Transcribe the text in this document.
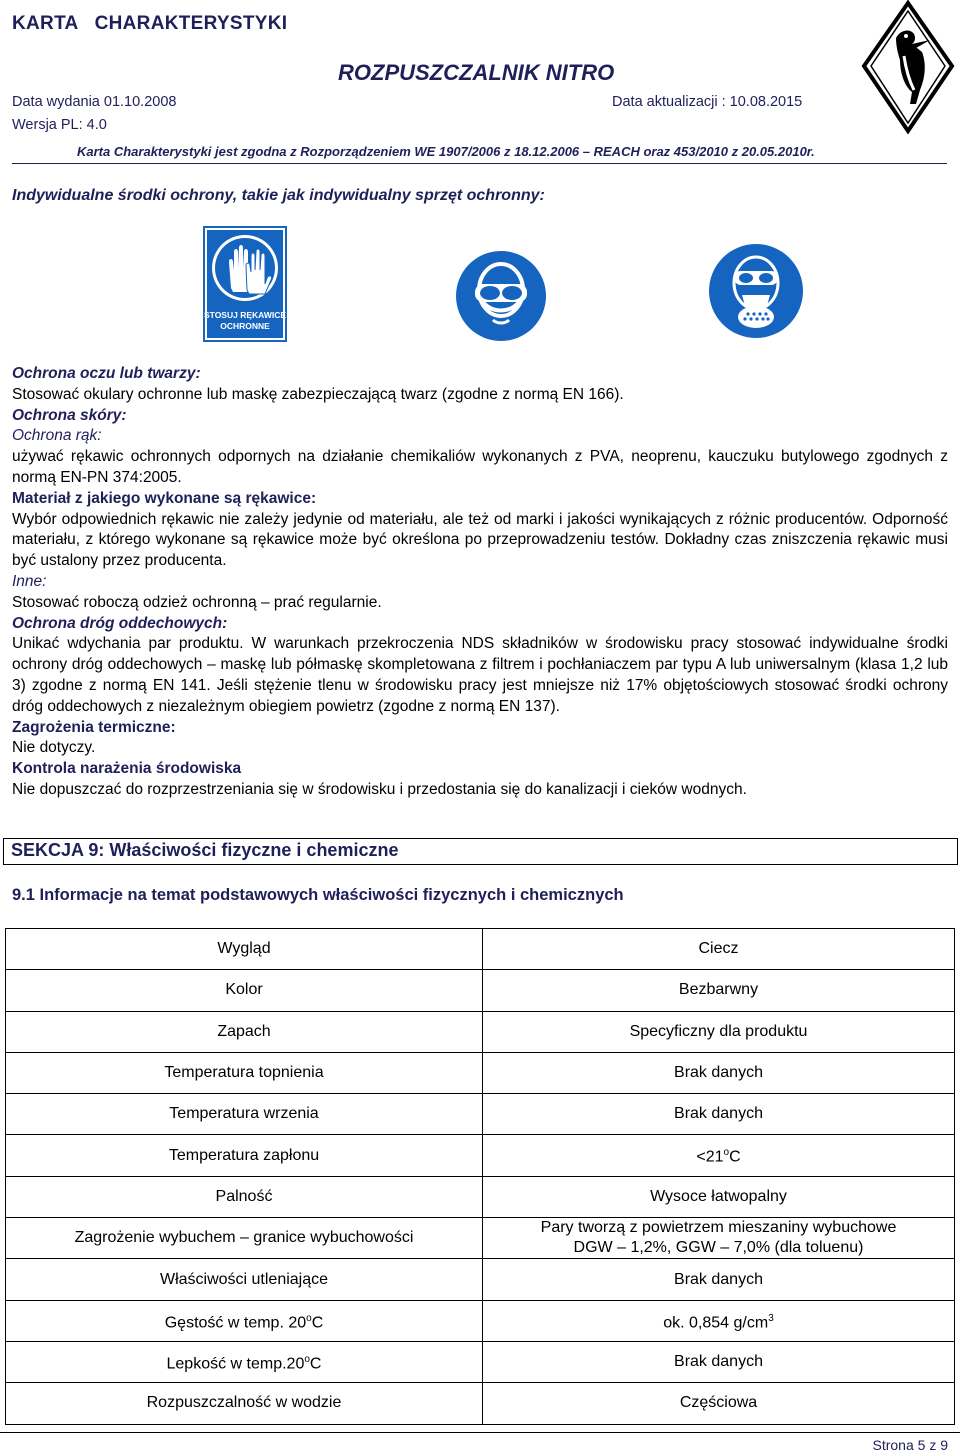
KARTA   CHARAKTERYSTYKI
ROZPUSZCZALNIK NITRO
Data wydania 01.10.2008	Data aktualizacji : 10.08.2015
Wersja PL: 4.0
Karta Charakterystyki jest zgodna z Rozporządzeniem WE 1907/2006 z 18.12.2006 – REACH oraz 453/2010 z 20.05.2010r.
Indywidualne środki ochrony, takie jak indywidualny sprzęt ochronny:
STOSUJ RĘKAWICE
OCHRONNE

Ochrona oczu lub twarzy:

Stosować okulary ochronne lub maskę zabezpieczającą twarz (zgodne z normą EN 166).

Ochrona skóry:

Ochrona rąk:

używać rękawic ochronnych odpornych na działanie chemikaliów wykonanych z PVA, neoprenu, kauczuku butylowego zgodnych z normą EN-PN 374:2005.

Materiał z jakiego wykonane są rękawice:

Wybór odpowiednich rękawic nie zależy jedynie od materiału, ale też od marki i jakości wynikających z różnic producentów. Odporność materiału, z którego wykonane są rękawice może być określona po przeprowadzeniu testów. Dokładny czas zniszczenia rękawic musi być ustalony przez producenta.

Inne:

Stosować roboczą odzież ochronną – prać regularnie.

Ochrona dróg oddechowych:

Unikać wdychania par produktu. W warunkach przekroczenia NDS składników w środowisku pracy stosować indywidualne środki ochrony dróg oddechowych – maskę lub półmaskę skompletowana z filtrem i pochłaniaczem par typu A lub uniwersalnym (klasa 1,2 lub 3) zgodne z normą EN 141. Jeśli stężenie tlenu w środowisku pracy jest mniejsze niż 17% objętościowych stosować środki ochrony dróg oddechowych z niezależnym obiegiem powietrz (zgodne z normą EN 137).

Zagrożenia termiczne:

Nie dotyczy.

Kontrola narażenia środowiska

Nie dopuszczać do rozprzestrzeniania się w środowisku i przedostania się do kanalizacji i cieków wodnych.

SEKCJA 9: Właściwości fizyczne i chemiczne
9.1 Informacje na temat podstawowych właściwości fizycznych i chemicznych
Wygląd	Ciecz
Kolor	Bezbarwny
Zapach	Specyficzny dla produktu
Temperatura topnienia	Brak danych
Temperatura wrzenia	Brak danych
Temperatura zapłonu	$<21^oC$
Palność	Wysoce łatwopalny
Zagrożenie wybuchem – granice wybuchowości	Pary tworzą z powietrzem mieszaniny wybuchowe
DGW – 1,2%, GGW – 7,0% (dla toluenu)
Właściwości utleniające	Brak danych
Gęstość w temp. 20$^o$C	ok. 0,854 $g/cm^3$
Lepkość w temp.20$^o$C	Brak danych
Rozpuszczalność w wodzie	Częściowa
Strona 5 z 9
